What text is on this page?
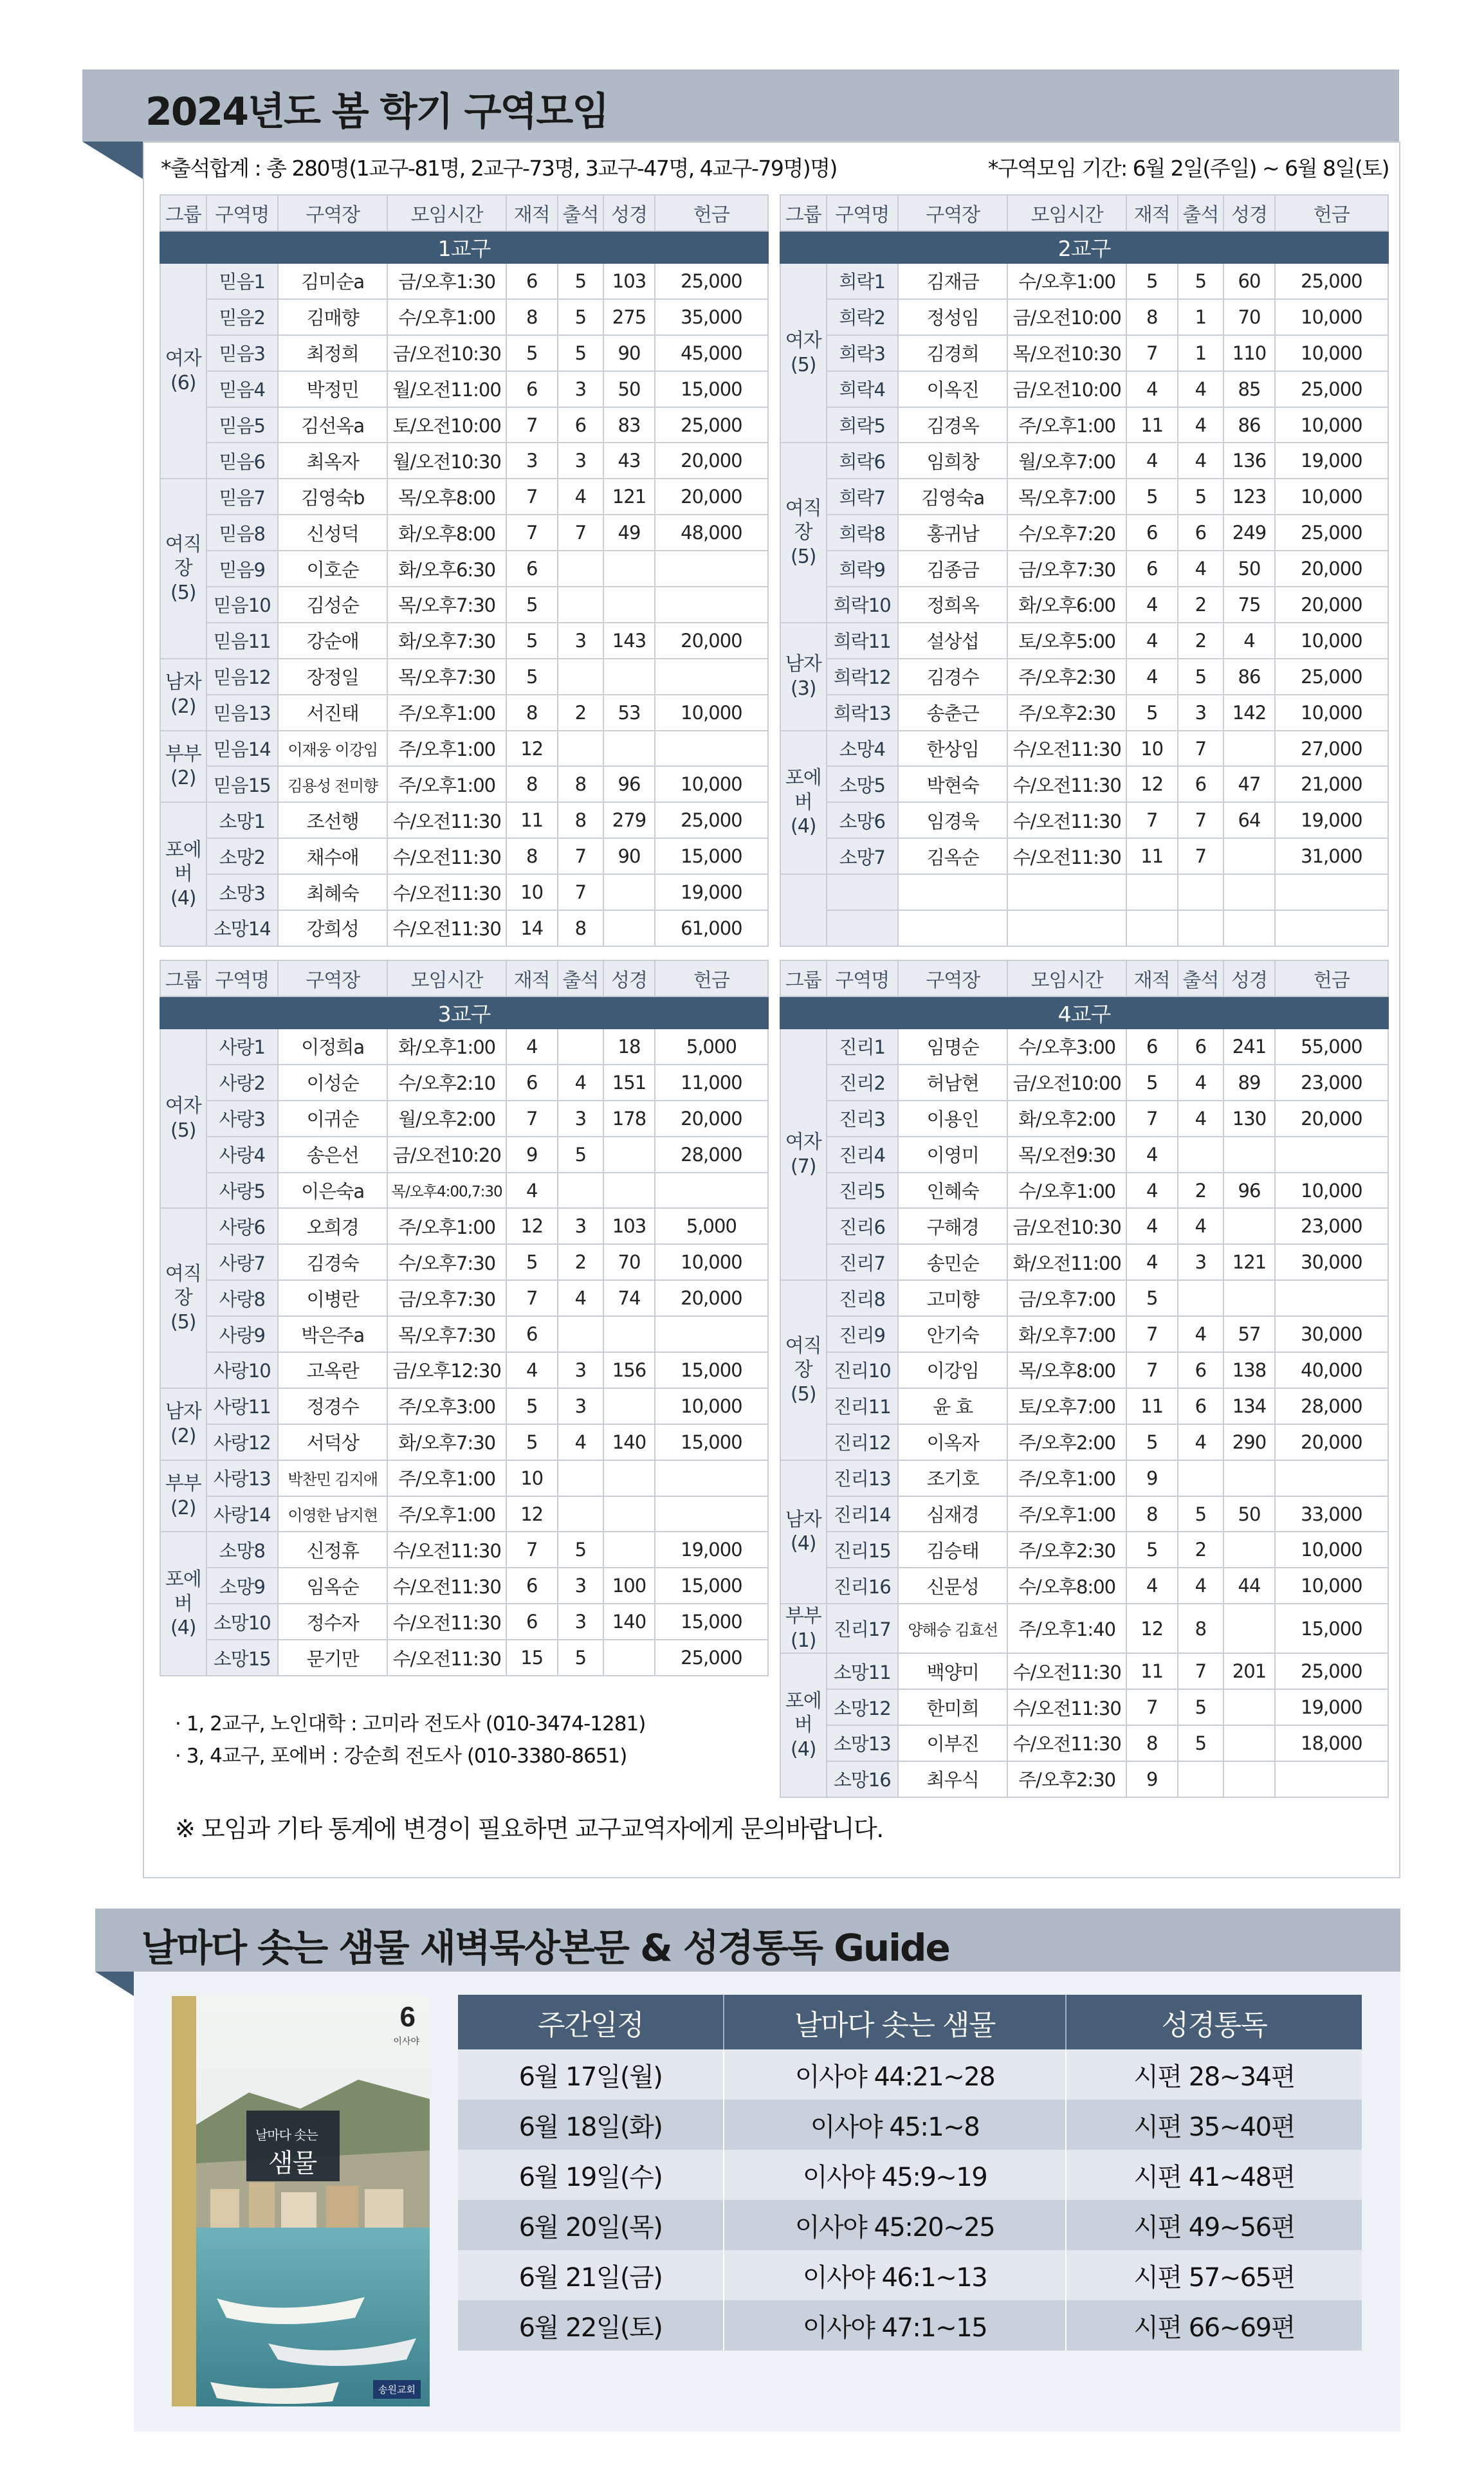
2024년도 봄 학기 구역모임
*출석합계 : 총 280명(1교구-81명, 2교구-73명, 3교구-47명, 4교구-79명)명)	*구역모임 기간: 6월 2일(주일) ~ 6월 8일(토)
그룹	구역명	구역장	모임시간	재적	출석	성경	헌금
1교구							

여자
(6)	믿음1	김미순a	금/오후1:30	6	5	103	25,000
	믿음2	김매향	수/오후1:00	8	5	275	35,000
	믿음3	최정희	금/오전10:30	5	5	90	45,000
	믿음4	박정민	월/오전11:00	6	3	50	15,000
	믿음5	김선옥a	토/오전10:00	7	6	83	25,000
	믿음6	최옥자	월/오전10:30	3	3	43	20,000

여직장
(5)	믿음7	김영숙b	목/오후8:00	7	4	121	20,000
	믿음8	신성덕	화/오후8:00	7	7	49	48,000
	믿음9	이호순	화/오후6:30	6			
	믿음10	김성순	목/오후7:30	5			
	믿음11	강순애	화/오후7:30	5	3	143	20,000

남자
(2)	믿음12	장정일	목/오후7:30	5			
	믿음13	서진태	주/오후1:00	8	2	53	10,000

부부
(2)	믿음14	이재웅 이강임	주/오후1:00	12			
	믿음15	김용성 전미향	주/오후1:00	8	8	96	10,000

포에버
(4)	소망1	조선행	수/오전11:30	11	8	279	25,000
	소망2	채수애	수/오전11:30	8	7	90	15,000
	소망3	최혜숙	수/오전11:30	10	7		19,000
	소망14	강희성	수/오전11:30	14	8		61,000
그룹	구역명	구역장	모임시간	재적	출석	성경	헌금
2교구							

여자
(5)	희락1	김재금	수/오후1:00	5	5	60	25,000
	희락2	정성임	금/오전10:00	8	1	70	10,000
	희락3	김경희	목/오전10:30	7	1	110	10,000
	희락4	이옥진	금/오전10:00	4	4	85	25,000
	희락5	김경옥	주/오후1:00	11	4	86	10,000

여직장
(5)	희락6	임희창	월/오후7:00	4	4	136	19,000
	희락7	김영숙a	목/오후7:00	5	5	123	10,000
	희락8	홍귀남	수/오후7:20	6	6	249	25,000
	희락9	김종금	금/오후7:30	6	4	50	20,000
	희락10	정희옥	화/오후6:00	4	2	75	20,000

남자
(3)	희락11	설상섭	토/오후5:00	4	2	4	10,000
	희락12	김경수	주/오후2:30	4	5	86	25,000
	희락13	송춘근	주/오후2:30	5	3	142	10,000

포에버
(4)	소망4	한상임	수/오전11:30	10	7		27,000
	소망5	박현숙	수/오전11:30	12	6	47	21,000
	소망6	임경욱	수/오전11:30	7	7	64	19,000
	소망7	김옥순	수/오전11:30	11	7		31,000

그룹	구역명	구역장	모임시간	재적	출석	성경	헌금
3교구							

여자
(5)	사랑1	이정희a	화/오후1:00	4		18	5,000
	사랑2	이성순	수/오후2:10	6	4	151	11,000
	사랑3	이귀순	월/오후2:00	7	3	178	20,000
	사랑4	송은선	금/오전10:20	9	5		28,000
	사랑5	이은숙a	목/오후4:00,7:30	4			

여직장
(5)	사랑6	오희경	주/오후1:00	12	3	103	5,000
	사랑7	김경숙	수/오후7:30	5	2	70	10,000
	사랑8	이병란	금/오후7:30	7	4	74	20,000
	사랑9	박은주a	목/오후7:30	6			
	사랑10	고옥란	금/오후12:30	4	3	156	15,000

남자
(2)	사랑11	정경수	주/오후3:00	5	3		10,000
	사랑12	서덕상	화/오후7:30	5	4	140	15,000

부부
(2)	사랑13	박찬민 김지애	주/오후1:00	10			
	사랑14	이영한 남지현	주/오후1:00	12			

포에버
(4)	소망8	신정휴	수/오전11:30	7	5		19,000
	소망9	임옥순	수/오전11:30	6	3	100	15,000
	소망10	정수자	수/오전11:30	6	3	140	15,000
	소망15	문기만	수/오전11:30	15	5		25,000
그룹	구역명	구역장	모임시간	재적	출석	성경	헌금
4교구							

여자
(7)	진리1	임명순	수/오후3:00	6	6	241	55,000
	진리2	허남현	금/오전10:00	5	4	89	23,000
	진리3	이용인	화/오후2:00	7	4	130	20,000
	진리4	이영미	목/오전9:30	4			
	진리5	인혜숙	수/오후1:00	4	2	96	10,000
	진리6	구해경	금/오전10:30	4	4		23,000
	진리7	송민순	화/오전11:00	4	3	121	30,000

여직장
(5)	진리8	고미향	금/오후7:00	5			
	진리9	안기숙	화/오후7:00	7	4	57	30,000
	진리10	이강임	목/오후8:00	7	6	138	40,000
	진리11	윤 효	토/오후7:00	11	6	134	28,000
	진리12	이옥자	주/오후2:00	5	4	290	20,000

남자
(4)	진리13	조기호	주/오후1:00	9			
	진리14	심재경	주/오후1:00	8	5	50	33,000
	진리15	김승태	주/오후2:30	5	2		10,000
	진리16	신문성	수/오후8:00	4	4	44	10,000

부부(1)	진리17	양해승 김효선	주/오후1:40	12	8		15,000

포에버
(4)	소망11	백양미	수/오전11:30	11	7	201	25,000
	소망12	한미희	수/오전11:30	7	5		19,000
	소망13	이부진	수/오전11:30	8	5		18,000
	소망16	최우식	주/오후2:30	9			
· 1, 2교구, 노인대학 : 고미라 전도사 (010-3474-1281)
· 3, 4교구, 포에버 : 강순희 전도사 (010-3380-8651)
※ 모임과 기타 통계에 변경이 필요하면 교구교역자에게 문의바랍니다.
날마다 솟는 샘물 새벽묵상본문 & 성경통독 Guide
6
이사야
날마다 솟는
샘물
송원교회
주간일정	날마다 솟는 샘물	성경통독
6월 17일(월)	이사야 44:21~28	시편 28~34편
6월 18일(화)	이사야 45:1~8	시편 35~40편
6월 19일(수)	이사야 45:9~19	시편 41~48편
6월 20일(목)	이사야 45:20~25	시편 49~56편
6월 21일(금)	이사야 46:1~13	시편 57~65편
6월 22일(토)	이사야 47:1~15	시편 66~69편
